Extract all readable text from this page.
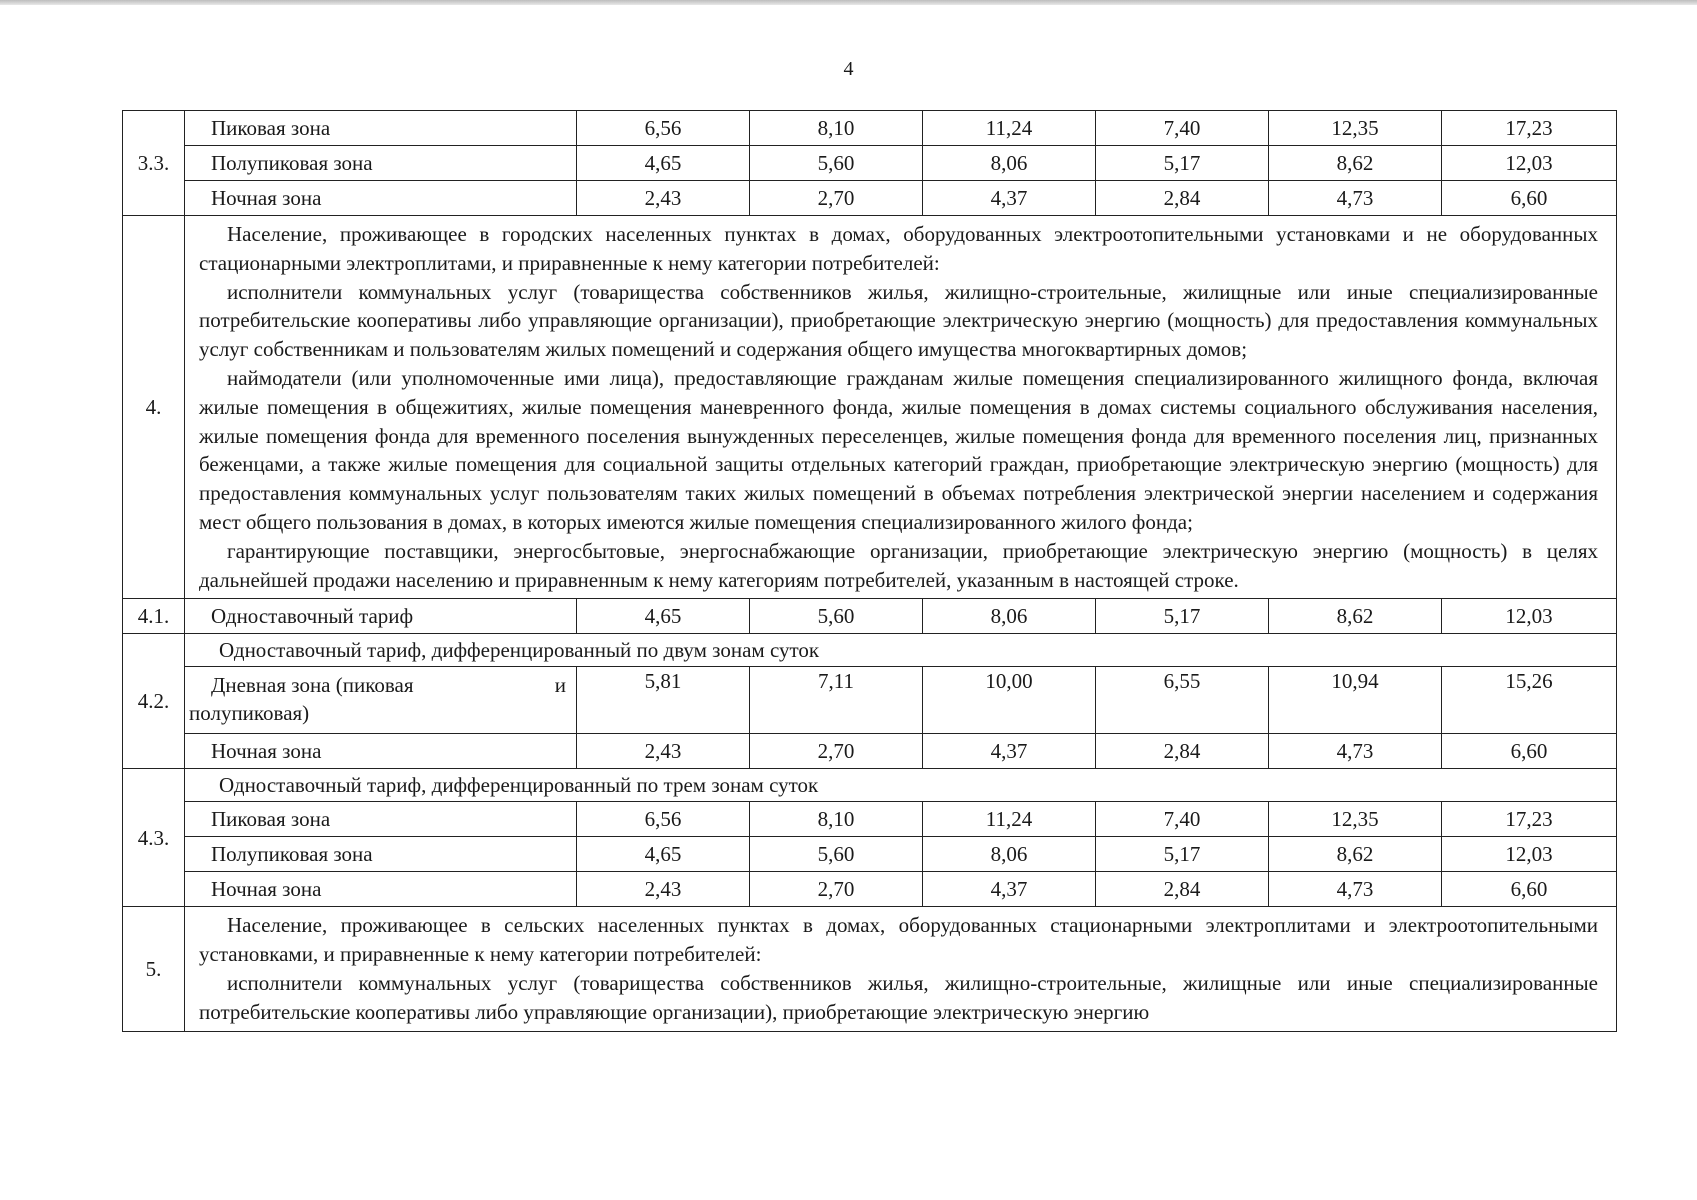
4
3.3.	Пиковая зона	6,56	8,10	11,24	7,40	12,35	17,23
	Полупиковая зона	4,65	5,60	8,06	5,17	8,62	12,03
	Ночная зона	2,43	2,70	4,37	2,84	4,73	6,60
4.	Население, проживающее в городских населенных пунктах в домах, оборудованных электроотопительными установками и не оборудованных стационарными электроплитами, и приравненные к нему категории потребителей:

исполнители коммунальных услуг (товарищества собственников жилья, жилищно-строительные, жилищные или иные специализированные потребительские кооперативы либо управляющие организации), приобретающие электрическую энергию (мощность) для предоставления коммунальных услуг собственникам и пользователям жилых помещений и содержания общего имущества многоквартирных домов;

наймодатели (или уполномоченные ими лица), предоставляющие гражданам жилые помещения специализированного жилищного фонда, включая жилые помещения в общежитиях, жилые помещения маневренного фонда, жилые помещения в домах системы социального обслуживания населения, жилые помещения фонда для временного поселения вынужденных переселенцев, жилые помещения фонда для временного поселения лиц, признанных беженцами, а также жилые помещения для социальной защиты отдельных категорий граждан, приобретающие электрическую энергию (мощность) для предоставления коммунальных услуг пользователям таких жилых помещений в объемах потребления электрической энергии населением и содержания мест общего пользования в домах, в которых имеются жилые помещения специализированного жилого фонда;

гарантирующие поставщики, энергосбытовые, энергоснабжающие организации, приобретающие электрическую энергию (мощность) в целях дальнейшей продажи населению и приравненным к нему категориям потребителей, указанным в настоящей строке.						

4.1.	Одноставочный тариф	4,65	5,60	8,06	5,17	8,62	12,03
4.2.	Одноставочный тариф, дифференцированный по двум зонам суток						

	Дневная зона (пиковая и
полупиковая)	5,81	7,11	10,00	6,55	10,94	15,26
	Ночная зона	2,43	2,70	4,37	2,84	4,73	6,60
4.3.	Одноставочный тариф, дифференцированный по трем зонам суток						
	Пиковая зона	6,56	8,10	11,24	7,40	12,35	17,23
	Полупиковая зона	4,65	5,60	8,06	5,17	8,62	12,03
	Ночная зона	2,43	2,70	4,37	2,84	4,73	6,60
5.	Население, проживающее в сельских населенных пунктах в домах, оборудованных стационарными электроплитами и электроотопительными установками, и приравненные к нему категории потребителей:

исполнители коммунальных услуг (товарищества собственников жилья, жилищно-строительные, жилищные или иные специализированные потребительские кооперативы либо управляющие организации), приобретающие электрическую энергию						
